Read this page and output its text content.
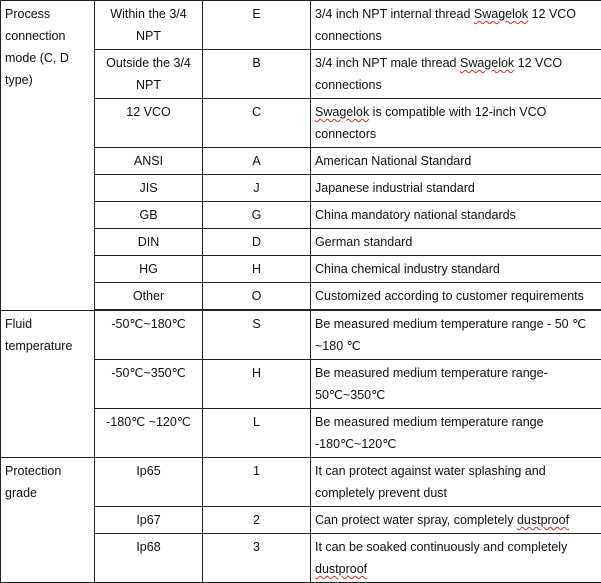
Process connection mode (C, D type)	Within the 3/4 NPT	E	3/4 inch NPT internal thread Swagelok 12 VCO connections
	Outside the 3/4 NPT	B	3/4 inch NPT male thread Swagelok 12 VCO connections
	12 VCO	C	Swagelok is compatible with 12-inch VCO connectors
	ANSI	A	American National Standard
	JIS	J	Japanese industrial standard
	GB	G	China mandatory national standards
	DIN	D	German standard
	HG	H	China chemical industry standard
	Other	O	Customized according to customer requirements

Fluid temperature	-50℃~180℃	S	Be measured medium temperature range - 50 ℃ ~180 ℃
	-50℃~350℃	H	Be measured medium temperature range-50℃~350℃
	-180℃ ~120℃	L	Be measured medium temperature range -180℃~120℃
Protection grade	Ip65	1	It can protect against water splashing and completely prevent dust
	Ip67	2	Can protect water spray, completely dustproof
	Ip68	3	It can be soaked continuously and completely dustproof
